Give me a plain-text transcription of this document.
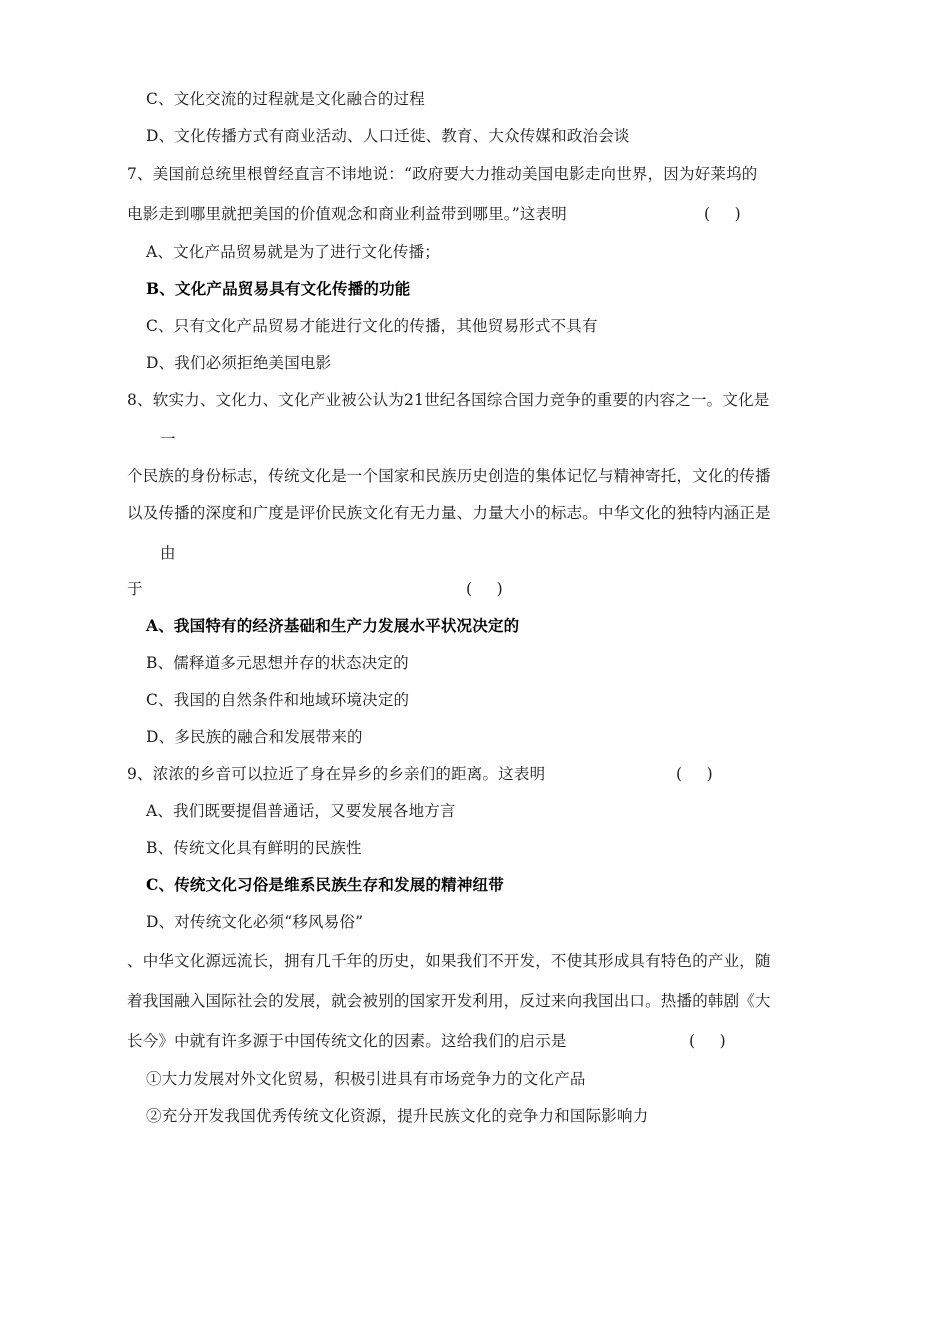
C、文化交流的过程就是文化融合的过程
D、文化传播方式有商业活动、人口迁徙、教育、大众传媒和政治会谈
7、美国前总统里根曾经直言不讳地说：“政府要大力推动美国电影走向世界，因为好莱坞的
电影走到哪里就把美国的价值观念和商业利益带到哪里。”这表明	(     )
A、文化产品贸易就是为了进行文化传播；
B、文化产品贸易具有文化传播的功能
C、只有文化产品贸易才能进行文化的传播，其他贸易形式不具有
D、我们必须拒绝美国电影
8、软实力、文化力、文化产业被公认为21世纪各国综合国力竞争的重要的内容之一。文化是
一
个民族的身份标志，传统文化是一个国家和民族历史创造的集体记忆与精神寄托，文化的传播
以及传播的深度和广度是评价民族文化有无力量、力量大小的标志。中华文化的独特内涵正是
由
于	(     )
A、我国特有的经济基础和生产力发展水平状况决定的
B、儒释道多元思想并存的状态决定的
C、我国的自然条件和地域环境决定的
D、多民族的融合和发展带来的
9、浓浓的乡音可以拉近了身在异乡的乡亲们的距离。这表明	(     )
A、我们既要提倡普通话，又要发展各地方言
B、传统文化具有鲜明的民族性
C、传统文化习俗是维系民族生存和发展的精神纽带
D、对传统文化必须“移风易俗”
、中华文化源远流长，拥有几千年的历史，如果我们不开发，不使其形成具有特色的产业，随
着我国融入国际社会的发展，就会被别的国家开发利用，反过来向我国出口。热播的韩剧《大
长今》中就有许多源于中国传统文化的因素。这给我们的启示是	(     )
①大力发展对外文化贸易，积极引进具有市场竞争力的文化产品
②充分开发我国优秀传统文化资源，提升民族文化的竞争力和国际影响力
